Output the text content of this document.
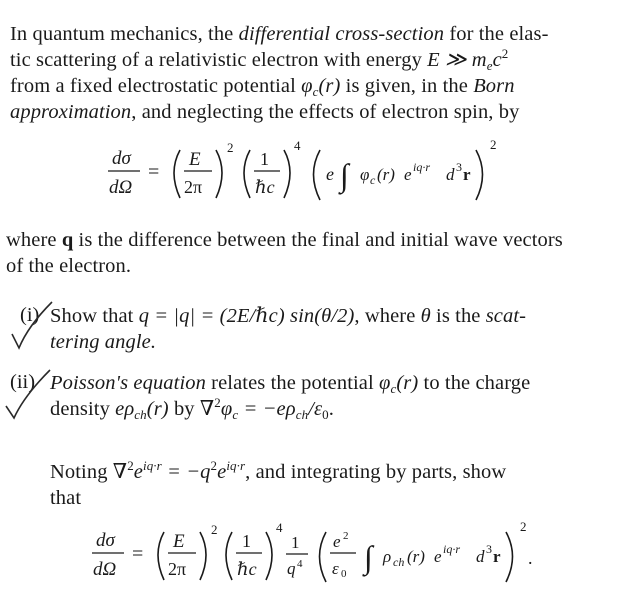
In quantum mechanics, the differential cross-section for the elas-
tic scattering of a relativistic electron with energy E ≫ $m_ec^2$
from a fixed electrostatic potential $\varphi_c(r)$ is given, in the Born
approximation, and neglecting the effects of electron spin, by
dσ
dΩ
=
E
2π
2
1
ℏc
4
e ∫ φ c (r) e iq·r d 3 r
2
where q is the difference between the final and initial wave vectors
of the electron.
(i) Show that q = |q| = (2E/ℏc) sin(θ/2), where θ is the scat-
tering angle.
(ii) Poisson's equation relates the potential $\varphi_c(r)$ to the charge
density $e\rho_{ch}(r)$ by $\nabla^2\varphi_c = -e\rho_{ch}/\varepsilon_0$.
Noting $\nabla^2e^{iq\cdot r} = -q^2e^{iq\cdot r}$, and integrating by parts, show
that
dσ
dΩ
=
E
2π
2
1
ℏc
4
1
q 4
e 2
ε 0 ∫ ρ ch (r) e iq·r d 3 r
2
.
